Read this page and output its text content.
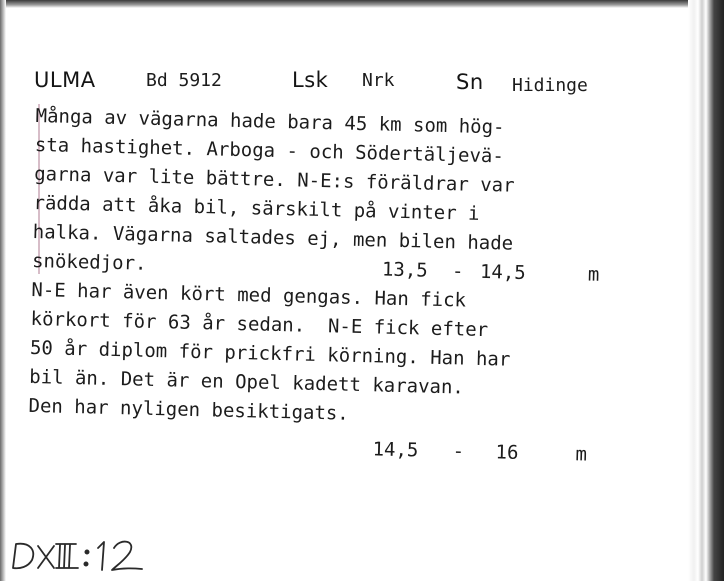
ULMA	Bd 5912	Lsk Nrk	Sn Hidinge
Många av vägarna hade bara 45 km som hög-
sta hastighet. Arboga - och Södertäljevä-
garna var lite bättre. N-E:s föräldrar var
rädda att åka bil, särskilt på vinter i
halka. Vägarna saltades ej, men bilen hade
snökedjor.	13,5 - 14,5	m
N-E har även kört med gengas. Han fick
körkort för 63 år sedan.  N-E fick efter
50 år diplom för prickfri körning. Han har
bil än. Det är en Opel kadett karavan.
Den har nyligen besiktigats.
14,5 - 16	m
